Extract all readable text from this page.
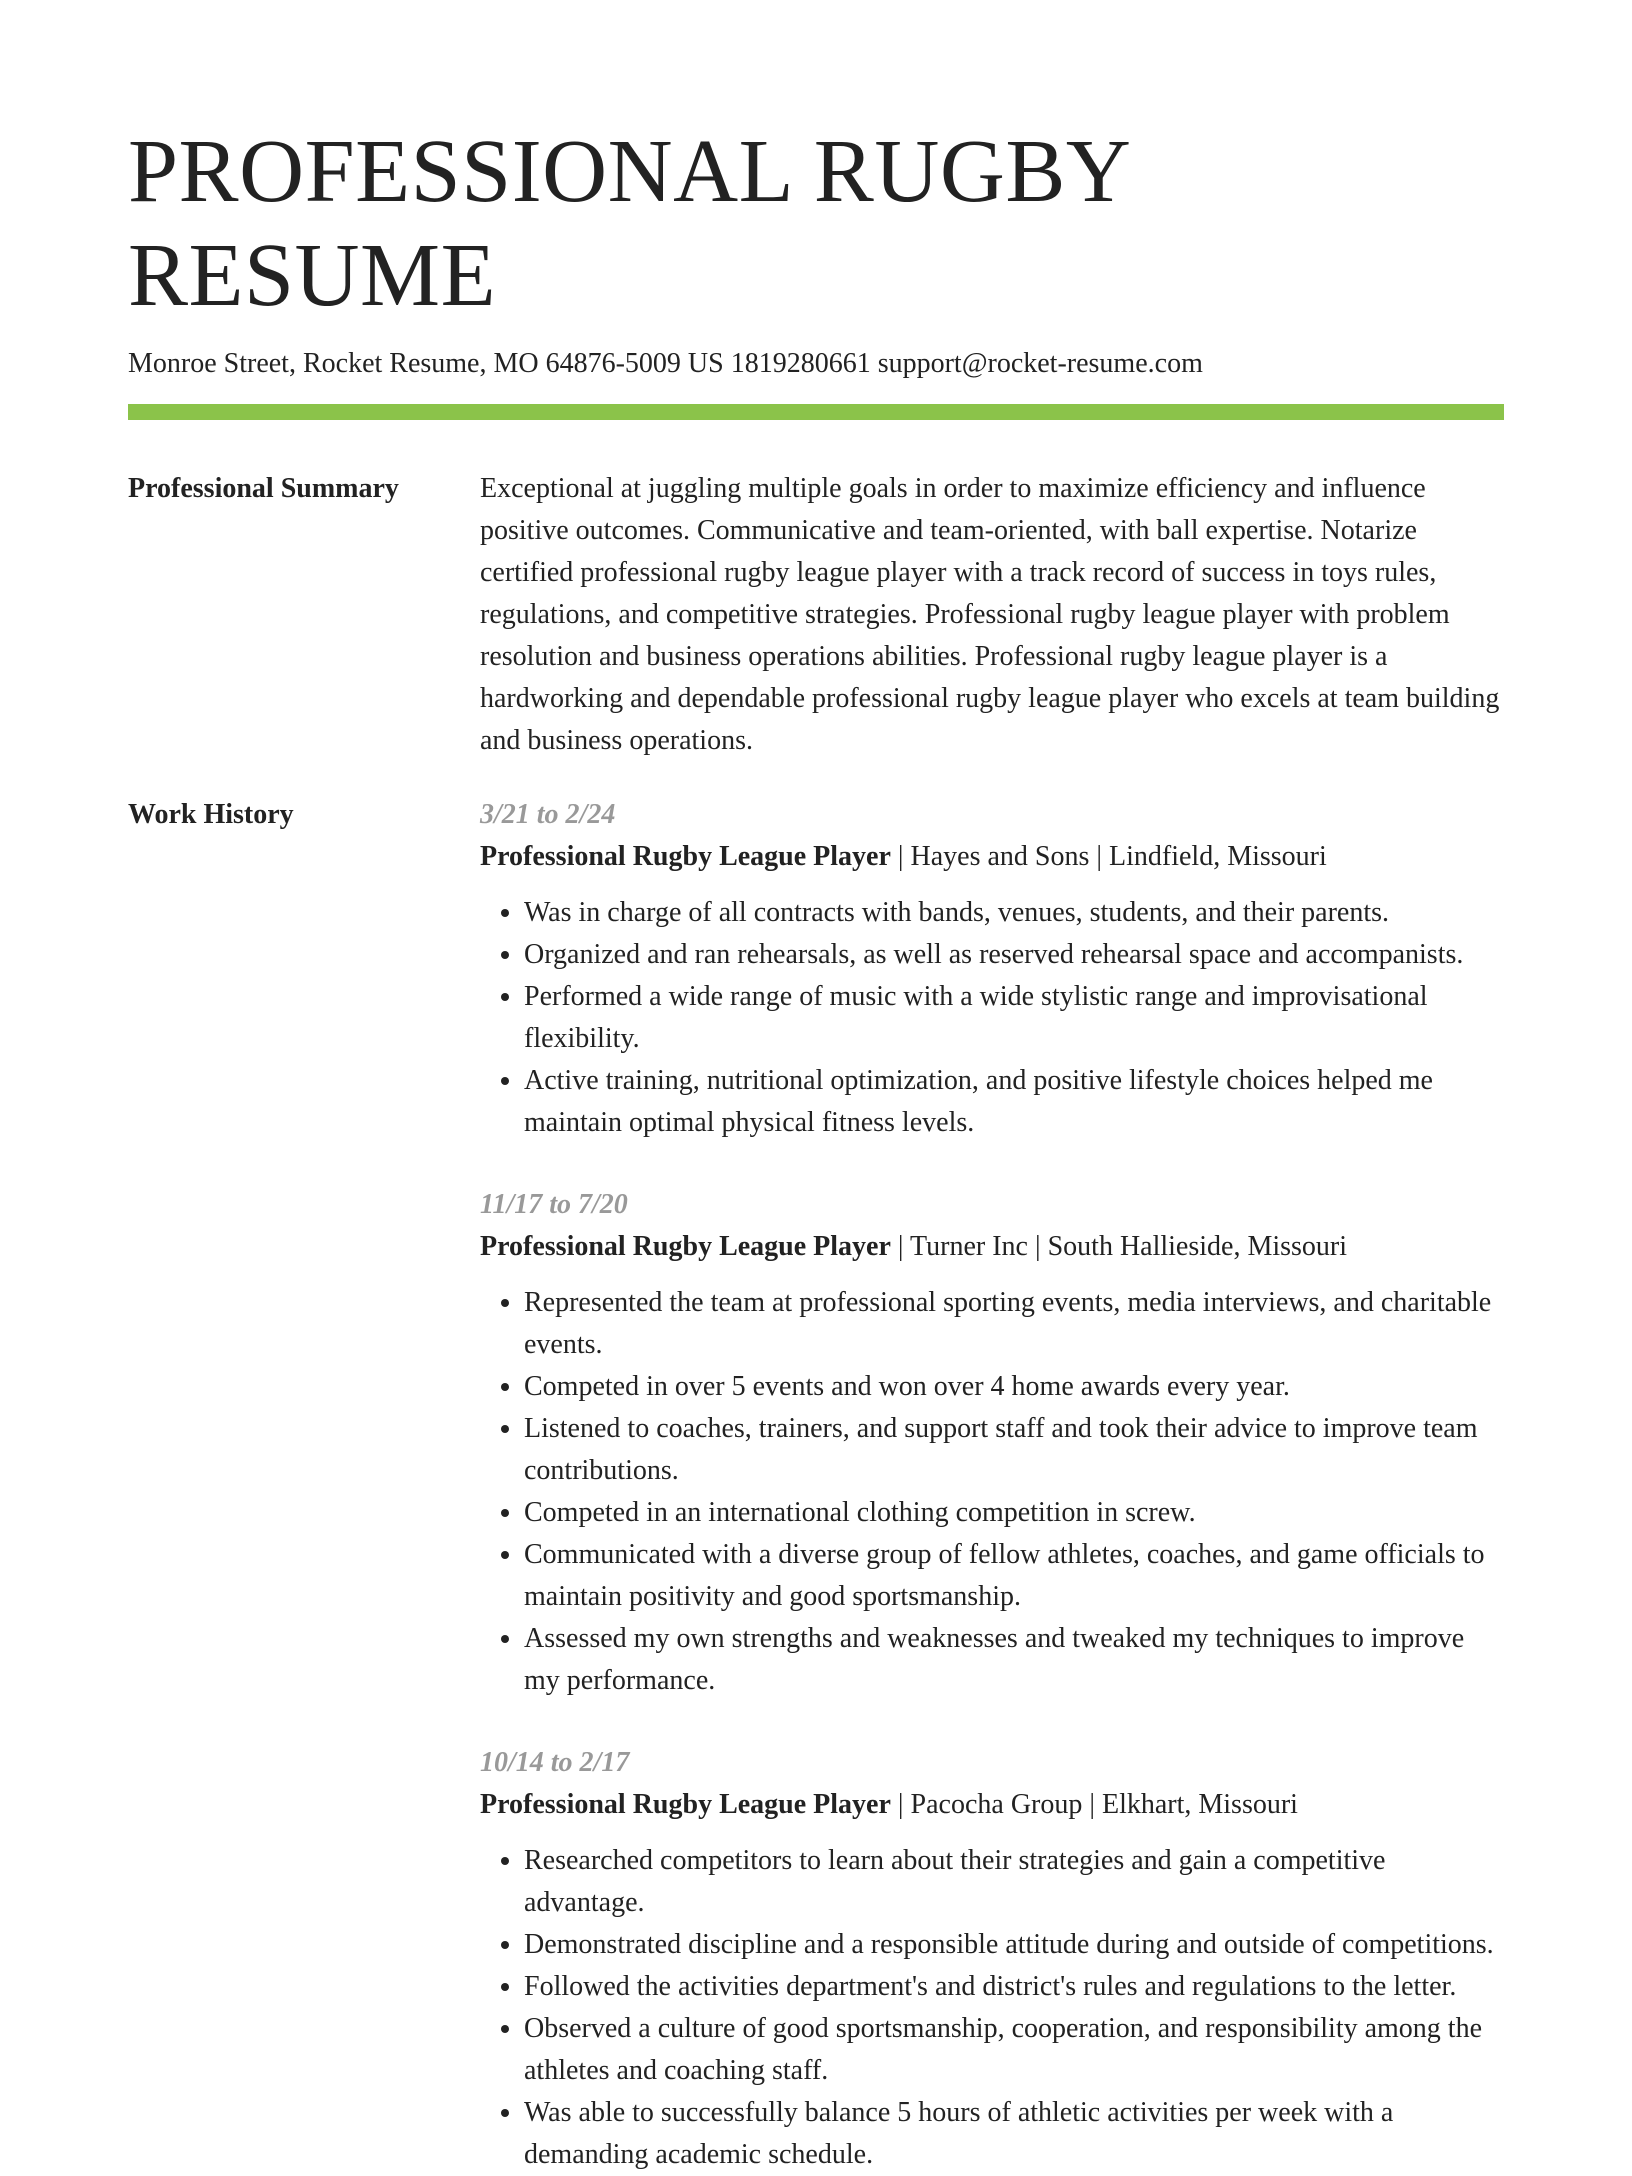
PROFESSIONAL RUGBY RESUME
Monroe Street, Rocket Resume, MO 64876-5009 US 1819280661 support@rocket-resume.com
Professional Summary	Exceptional at juggling multiple goals in order to maximize efficiency and influence positive outcomes. Communicative and team-oriented, with ball expertise. Notarize certified professional rugby league player with a track record of success in toys rules, regulations, and competitive strategies. Professional rugby league player with problem resolution and business operations abilities. Professional rugby league player is a hardworking and dependable professional rugby league player who excels at team building and business operations.

Work History	3/21 to 2/24
Professional Rugby League Player | Hayes and Sons | Lindfield, Missouri
• Was in charge of all contracts with bands, venues, students, and their parents.
• Organized and ran rehearsals, as well as reserved rehearsal space and accompanists.
• Performed a wide range of music with a wide stylistic range and improvisational flexibility.
• Active training, nutritional optimization, and positive lifestyle choices helped me maintain optimal physical fitness levels.
11/17 to 7/20
Professional Rugby League Player | Turner Inc | South Hallieside, Missouri
• Represented the team at professional sporting events, media interviews, and charitable events.
• Competed in over 5 events and won over 4 home awards every year.
• Listened to coaches, trainers, and support staff and took their advice to improve team contributions.
• Competed in an international clothing competition in screw.
• Communicated with a diverse group of fellow athletes, coaches, and game officials to maintain positivity and good sportsmanship.
• Assessed my own strengths and weaknesses and tweaked my techniques to improve my performance.
10/14 to 2/17
Professional Rugby League Player | Pacocha Group | Elkhart, Missouri
• Researched competitors to learn about their strategies and gain a competitive advantage.
• Demonstrated discipline and a responsible attitude during and outside of competitions.
• Followed the activities department's and district's rules and regulations to the letter.
• Observed a culture of good sportsmanship, cooperation, and responsibility among the athletes and coaching staff.
• Was able to successfully balance 5 hours of athletic activities per week with a demanding academic schedule.
